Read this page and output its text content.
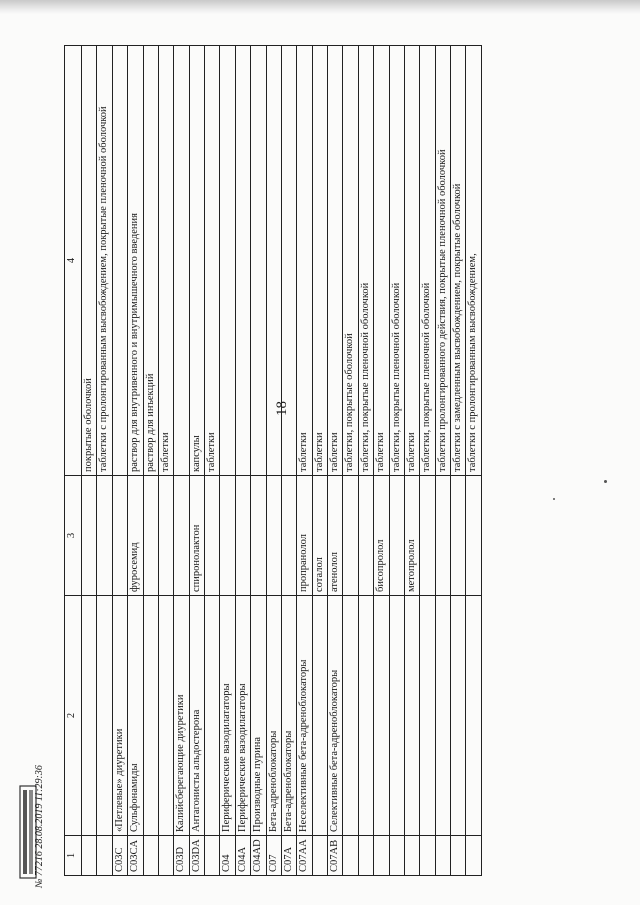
18
1	2	3	4
			покрытые оболочкой
			таблетки с пролонгированным высвобождением, покрытые пленочной оболочкой
C03C	«Петлевые» диуретики		
C03CA	Сульфонамиды	фуросемид	раствор для внутривенного и внутримышечного введения
			раствор для инъекций
			таблетки
C03D	Калийсберегающие диуретики		
C03DA	Антагонисты альдостерона	спиронолактон	капсулы
			таблетки
C04	Периферические вазодилататоры		
C04A	Периферические вазодилататоры		
C04AD	Производные пурина		
C07	Бета-адреноблокаторы		
C07A	Бета-адреноблокаторы		
C07AA	Неселективные бета-адреноблокаторы	пропранолол	таблетки
		соталол	таблетки
C07AB	Селективные бета-адреноблокаторы	атенолол	таблетки
			таблетки, покрытые оболочкой
			таблетки, покрытые пленочной оболочкой
		бисопролол	таблетки
			таблетки, покрытые пленочной оболочкой
		метопролол	таблетки
			таблетки, покрытые пленочной оболочкой
			таблетки пролонгированного действия, покрытые пленочной оболочкой
			таблетки с замедленным высвобождением, покрытые оболочкой
			таблетки с пролонгированным высвобождением,
№ 77216 28.08.2019 11:29:36
